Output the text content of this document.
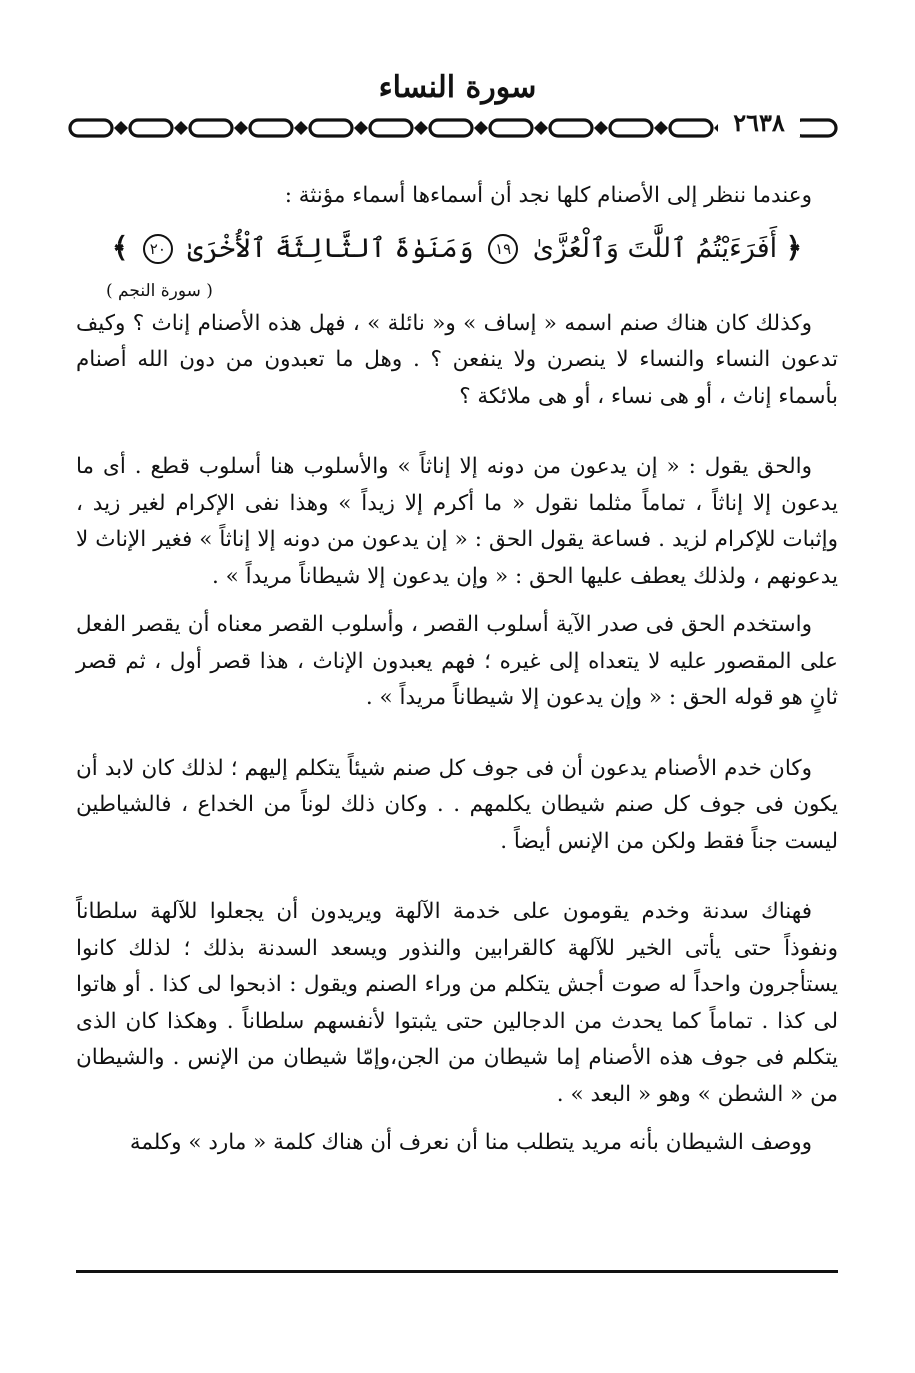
سورة النساء
٢٦٣٨

وعندما ننظر إلى الأصنام كلها نجد أن أسماءها أسماء مؤنثة :

﴿ أَفَرَءَيْتُمُ ٱللَّٰتَ وَٱلْعُزَّىٰ ١٩ وَمَنَوٰةَ ٱلثَّالِثَةَ ٱلْأُخْرَىٰ ٢٠ ﴾
( سورة النجم )

وكذلك كان هناك صنم اسمه « إساف » و« نائلة » ، فهل هذه الأصنام إناث ؟ وكيف تدعون النساء والنساء لا ينصرن ولا ينفعن ؟ . وهل ما تعبدون من دون الله أصنام بأسماء إناث ، أو هى نساء ، أو هى ملائكة ؟

والحق يقول : « إن يدعون من دونه إلا إناثاً » والأسلوب هنا أسلوب قطع . أى ما يدعون إلا إناثاً ، تماماً مثلما نقول « ما أكرم إلا زيداً » وهذا نفى الإكرام لغير زيد ، وإثبات للإكرام لزيد . فساعة يقول الحق : « إن يدعون من دونه إلا إناثاً » فغير الإناث لا يدعونهم ، ولذلك يعطف عليها الحق : « وإن يدعون إلا شيطاناً مريداً » .

واستخدم الحق فى صدر الآية أسلوب القصر ، وأسلوب القصر معناه أن يقصر الفعل على المقصور عليه لا يتعداه إلى غيره ؛ فهم يعبدون الإناث ، هذا قصر أول ، ثم قصر ثانٍ هو قوله الحق : « وإن يدعون إلا شيطاناً مريداً » .

وكان خدم الأصنام يدعون أن فى جوف كل صنم شيئاً يتكلم إليهم ؛ لذلك كان لابد أن يكون فى جوف كل صنم شيطان يكلمهم . . وكان ذلك لوناً من الخداع ، فالشياطين ليست جناً فقط ولكن من الإنس أيضاً .

فهناك سدنة وخدم يقومون على خدمة الآلهة ويريدون أن يجعلوا للآلهة سلطاناً ونفوذاً حتى يأتى الخير للآلهة كالقرابين والنذور ويسعد السدنة بذلك ؛ لذلك كانوا يستأجرون واحداً له صوت أجش يتكلم من وراء الصنم ويقول : اذبحوا لى كذا . أو هاتوا لى كذا . تماماً كما يحدث من الدجالين حتى يثبتوا لأنفسهم سلطاناً . وهكذا كان الذى يتكلم فى جوف هذه الأصنام إما شيطان من الجن،وإمّا شيطان من الإنس . والشيطان من « الشطن » وهو « البعد » .

ووصف الشيطان بأنه مريد يتطلب منا أن نعرف أن هناك كلمة « مارد » وكلمة
